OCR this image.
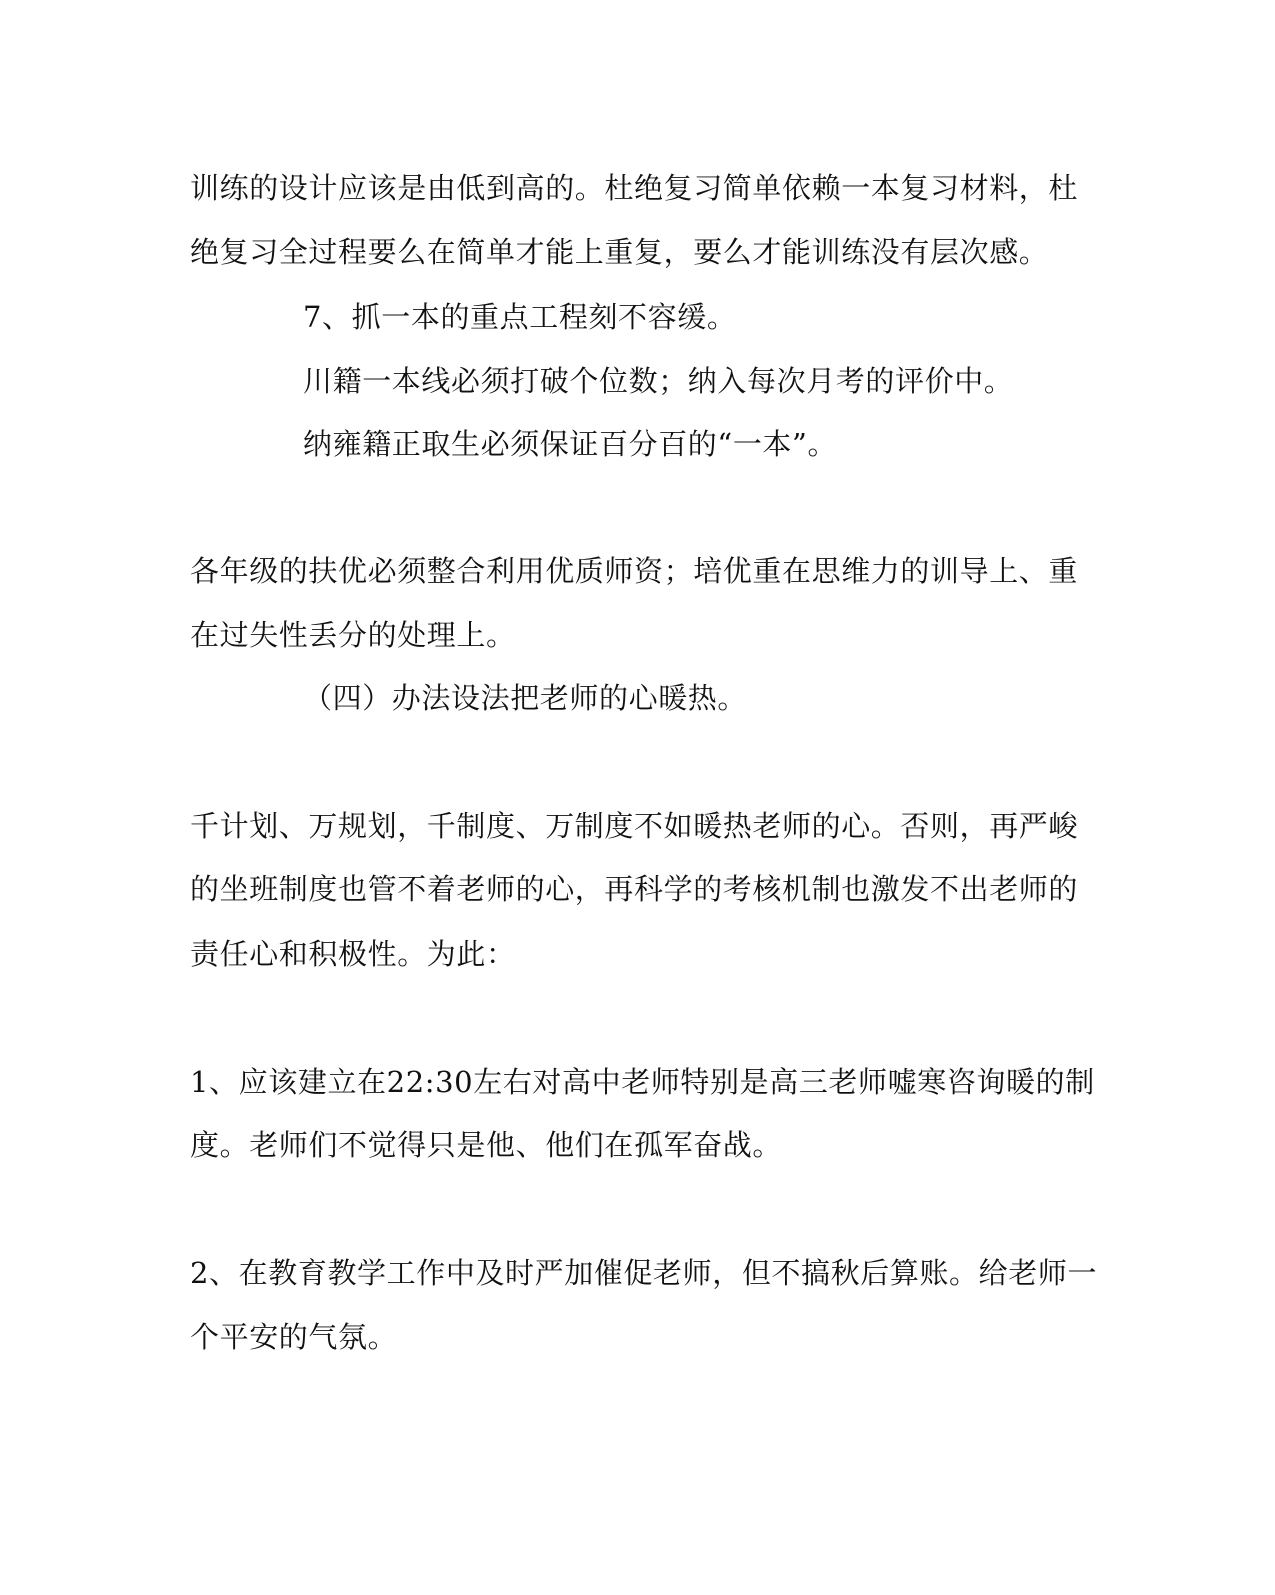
训练的设计应该是由低到高的。杜绝复习简单依赖一本复习材料，杜
绝复习全过程要么在简单才能上重复，要么才能训练没有层次感。
7、抓一本的重点工程刻不容缓。
川籍一本线必须打破个位数；纳入每次月考的评价中。
纳雍籍正取生必须保证百分百的“一本”。
各年级的扶优必须整合利用优质师资；培优重在思维力的训导上、重
在过失性丢分的处理上。
（四）办法设法把老师的心暖热。
千计划、万规划，千制度、万制度不如暖热老师的心。否则，再严峻
的坐班制度也管不着老师的心，再科学的考核机制也激发不出老师的
责任心和积极性。为此：
1、应该建立在22:30左右对高中老师特别是高三老师嘘寒咨询暖的制
度。老师们不觉得只是他、他们在孤军奋战。
2、在教育教学工作中及时严加催促老师，但不搞秋后算账。给老师一
个平安的气氛。
